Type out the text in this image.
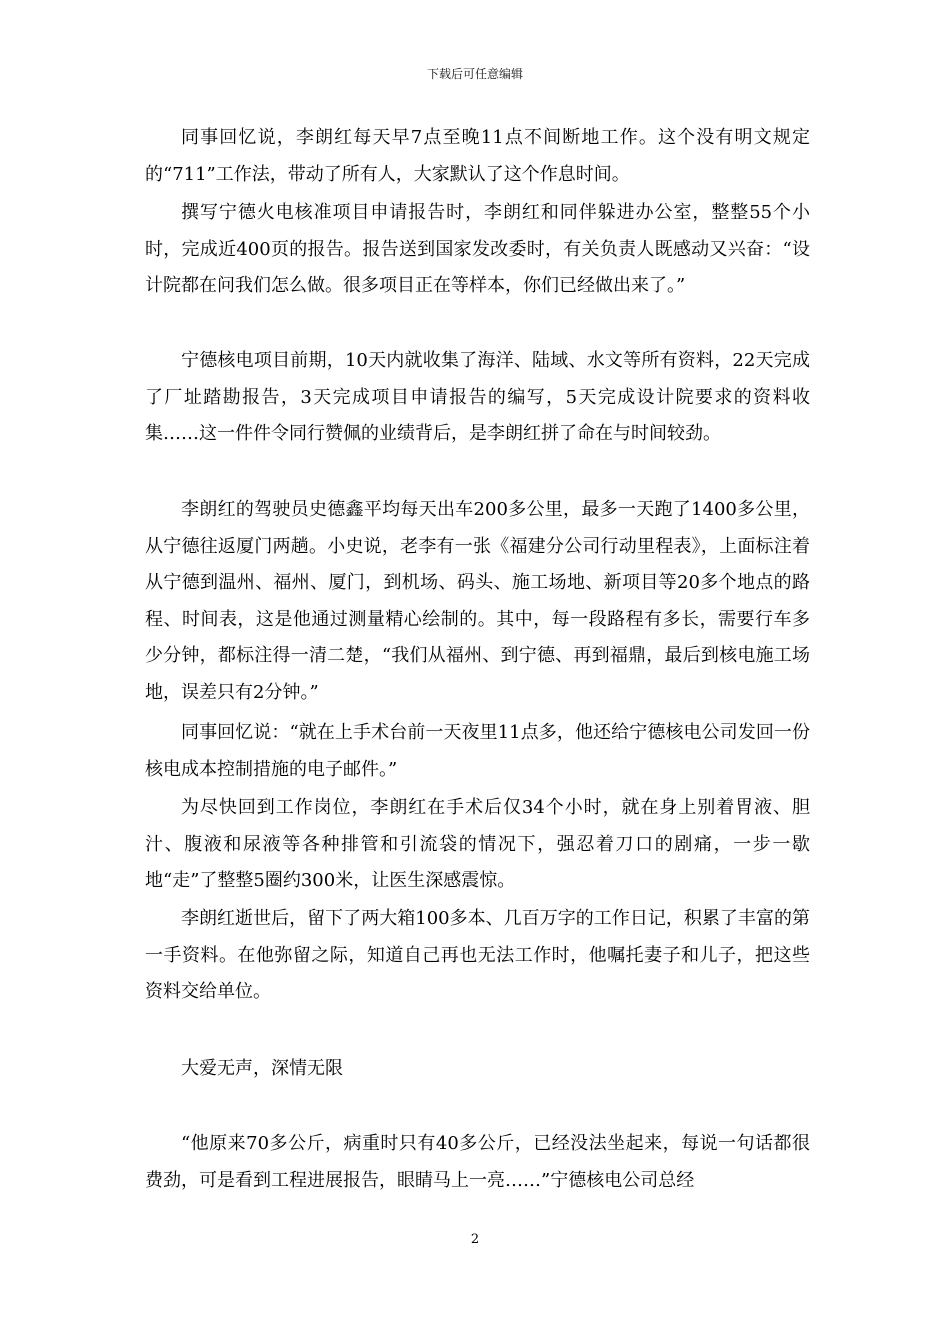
下载后可任意编辑

同事回忆说，李朗红每天早7点至晚11点不间断地工作。这个没有明文规定的“711”工作法，带动了所有人，大家默认了这个作息时间。

撰写宁德火电核准项目申请报告时，李朗红和同伴躲进办公室，整整55个小时，完成近400页的报告。报告送到国家发改委时，有关负责人既感动又兴奋：“设计院都在问我们怎么做。很多项目正在等样本，你们已经做出来了。”

宁德核电项目前期，10天内就收集了海洋、陆域、水文等所有资料，22天完成了厂址踏勘报告，3天完成项目申请报告的编写，5天完成设计院要求的资料收集……这一件件令同行赞佩的业绩背后，是李朗红拼了命在与时间较劲。

李朗红的驾驶员史德鑫平均每天出车200多公里，最多一天跑了1400多公里，从宁德往返厦门两趟。小史说，老李有一张《福建分公司行动里程表》，上面标注着从宁德到温州、福州、厦门，到机场、码头、施工场地、新项目等20多个地点的路程、时间表，这是他通过测量精心绘制的。其中，每一段路程有多长，需要行车多少分钟，都标注得一清二楚，“我们从福州、到宁德、再到福鼎，最后到核电施工场地，误差只有2分钟。”

同事回忆说：“就在上手术台前一天夜里11点多，他还给宁德核电公司发回一份核电成本控制措施的电子邮件。”

为尽快回到工作岗位，李朗红在手术后仅34个小时，就在身上别着胃液、胆汁、腹液和尿液等各种排管和引流袋的情况下，强忍着刀口的剧痛，一步一歇地“走”了整整5圈约300米，让医生深感震惊。

李朗红逝世后，留下了两大箱100多本、几百万字的工作日记，积累了丰富的第一手资料。在他弥留之际，知道自己再也无法工作时，他嘱托妻子和儿子，把这些资料交给单位。

大爱无声，深情无限

“他原来70多公斤，病重时只有40多公斤，已经没法坐起来，每说一句话都很费劲，可是看到工程进展报告，眼睛马上一亮……”宁德核电公司总经

2
